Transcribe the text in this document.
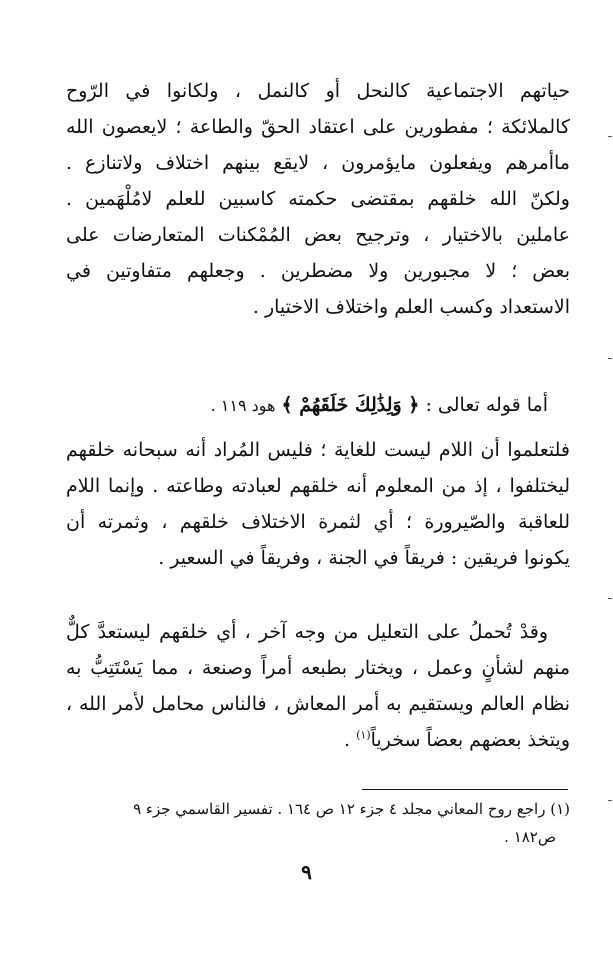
حياتهم الاجتماعية كالنحل أو كالنمل ، ولكانوا في الرّوح
كالملائكة ؛ مفطورين على اعتقاد الحقّ والطاعة ؛ لايعصون الله
ماأمرهم ويفعلون مايؤمرون ، لايقع بينهم اختلاف ولاتنازع .
ولكنّ الله خلقهم بمقتضى حكمته كاسبين للعلم لامُلْهَمين .
عاملين بالاختيار ، وترجيح بعض المُمْكنات المتعارضات على
بعض ؛ لا مجبورين ولا مضطرين . وجعلهم متفاوتين في
الاستعداد وكسب العلم واختلاف الاختيار .
أما قوله تعالى : ﴿ وَلِذَٰلِكَ خَلَقَهُمْ ﴾ هود ١١٩ .
فلتعلموا أن اللام ليست للغاية ؛ فليس المُراد أنه سبحانه خلقهم
ليختلفوا ، إذ من المعلوم أنه خلقهم لعبادته وطاعته . وإنما اللام
للعاقبة والصّيرورة ؛ أي لثمرة الاختلاف خلقهم ، وثمرته أن
يكونوا فريقين : فريقاً في الجنة ، وفريقاً في السعير .
وقدْ تُحملُ على التعليل من وجه آخر ، أي خلقهم ليستعدَّ كلٌّ
منهم لشأنٍ وعمل ، ويختار بطبعه أمراً وصنعة ، مما يَسْتَتِبُّ به
نظام العالم ويستقيم به أمر المعاش ، فالناس محامل لأمر الله ،
ويتخذ بعضهم بعضاً سخرياً$^{(١)}$ .
(١) راجع روح المعاني مجلد ٤ جزء ١٢ ص ١٦٤ . تفسير القاسمي جزء ٩
ص١٨٢ .
٩
